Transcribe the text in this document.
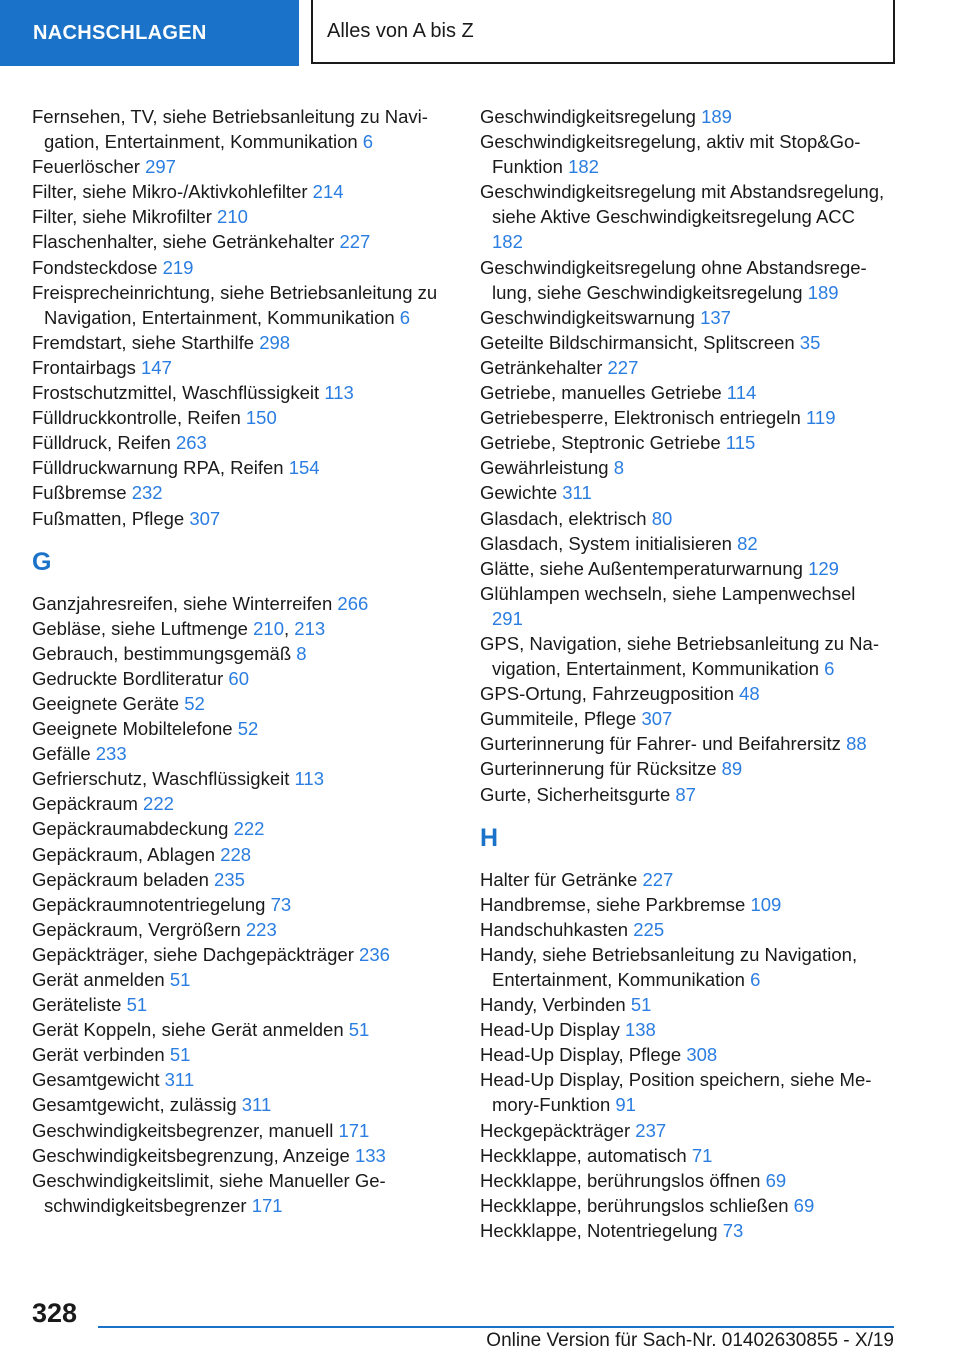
NACHSCHLAGEN	Alles von A bis Z
Fernsehen, TV, siehe Betriebsanleitung zu Navigation, Entertainment, Kommunikation 6
Feuerlöscher 297
Filter, siehe Mikro-/Aktivkohlefilter 214
Filter, siehe Mikrofilter 210
Flaschenhalter, siehe Getränkehalter 227
Fondsteckdose 219
Freisprecheinrichtung, siehe Betriebsanleitung zu Navigation, Entertainment, Kommunikation 6
Fremdstart, siehe Starthilfe 298
Frontairbags 147
Frostschutzmittel, Waschflüssigkeit 113
Fülldruckkontrolle, Reifen 150
Fülldruck, Reifen 263
Fülldruckwarnung RPA, Reifen 154
Fußbremse 232
Fußmatten, Pflege 307
G
Ganzjahresreifen, siehe Winterreifen 266
Gebläse, siehe Luftmenge 210, 213
Gebrauch, bestimmungsgemäß 8
Gedruckte Bordliteratur 60
Geeignete Geräte 52
Geeignete Mobiltelefone 52
Gefälle 233
Gefrierschutz, Waschflüssigkeit 113
Gepäckraum 222
Gepäckraumabdeckung 222
Gepäckraum, Ablagen 228
Gepäckraum beladen 235
Gepäckraumnotentriegelung 73
Gepäckraum, Vergrößern 223
Gepäckträger, siehe Dachgepäckträger 236
Gerät anmelden 51
Geräteliste 51
Gerät Koppeln, siehe Gerät anmelden 51
Gerät verbinden 51
Gesamtgewicht 311
Gesamtgewicht, zulässig 311
Geschwindigkeitsbegrenzer, manuell 171
Geschwindigkeitsbegrenzung, Anzeige 133
Geschwindigkeitslimit, siehe Manueller Geschwindigkeitsbegrenzer 171
Geschwindigkeitsregelung 189
Geschwindigkeitsregelung, aktiv mit Stop&Go-Funktion 182
Geschwindigkeitsregelung mit Abstandsregelung, siehe Aktive Geschwindigkeitsregelung ACC 182
Geschwindigkeitsregelung ohne Abstandsregelung, siehe Geschwindigkeitsregelung 189
Geschwindigkeitswarnung 137
Geteilte Bildschirmansicht, Splitscreen 35
Getränkehalter 227
Getriebe, manuelles Getriebe 114
Getriebesperre, Elektronisch entriegeln 119
Getriebe, Steptronic Getriebe 115
Gewährleistung 8
Gewichte 311
Glasdach, elektrisch 80
Glasdach, System initialisieren 82
Glätte, siehe Außentemperaturwarnung 129
Glühlampen wechseln, siehe Lampenwechsel 291
GPS, Navigation, siehe Betriebsanleitung zu Navigation, Entertainment, Kommunikation 6
GPS-Ortung, Fahrzeugposition 48
Gummiteile, Pflege 307
Gurterinnerung für Fahrer- und Beifahrersitz 88
Gurterinnerung für Rücksitze 89
Gurte, Sicherheitsgurte 87
H
Halter für Getränke 227
Handbremse, siehe Parkbremse 109
Handschuhkasten 225
Handy, siehe Betriebsanleitung zu Navigation, Entertainment, Kommunikation 6
Handy, Verbinden 51
Head-Up Display 138
Head-Up Display, Pflege 308
Head-Up Display, Position speichern, siehe Memory-Funktion 91
Heckgepäckträger 237
Heckklappe, automatisch 71
Heckklappe, berührungslos öffnen 69
Heckklappe, berührungslos schließen 69
Heckklappe, Notentriegelung 73
328
Online Version für Sach-Nr. 01402630855 - X/19
